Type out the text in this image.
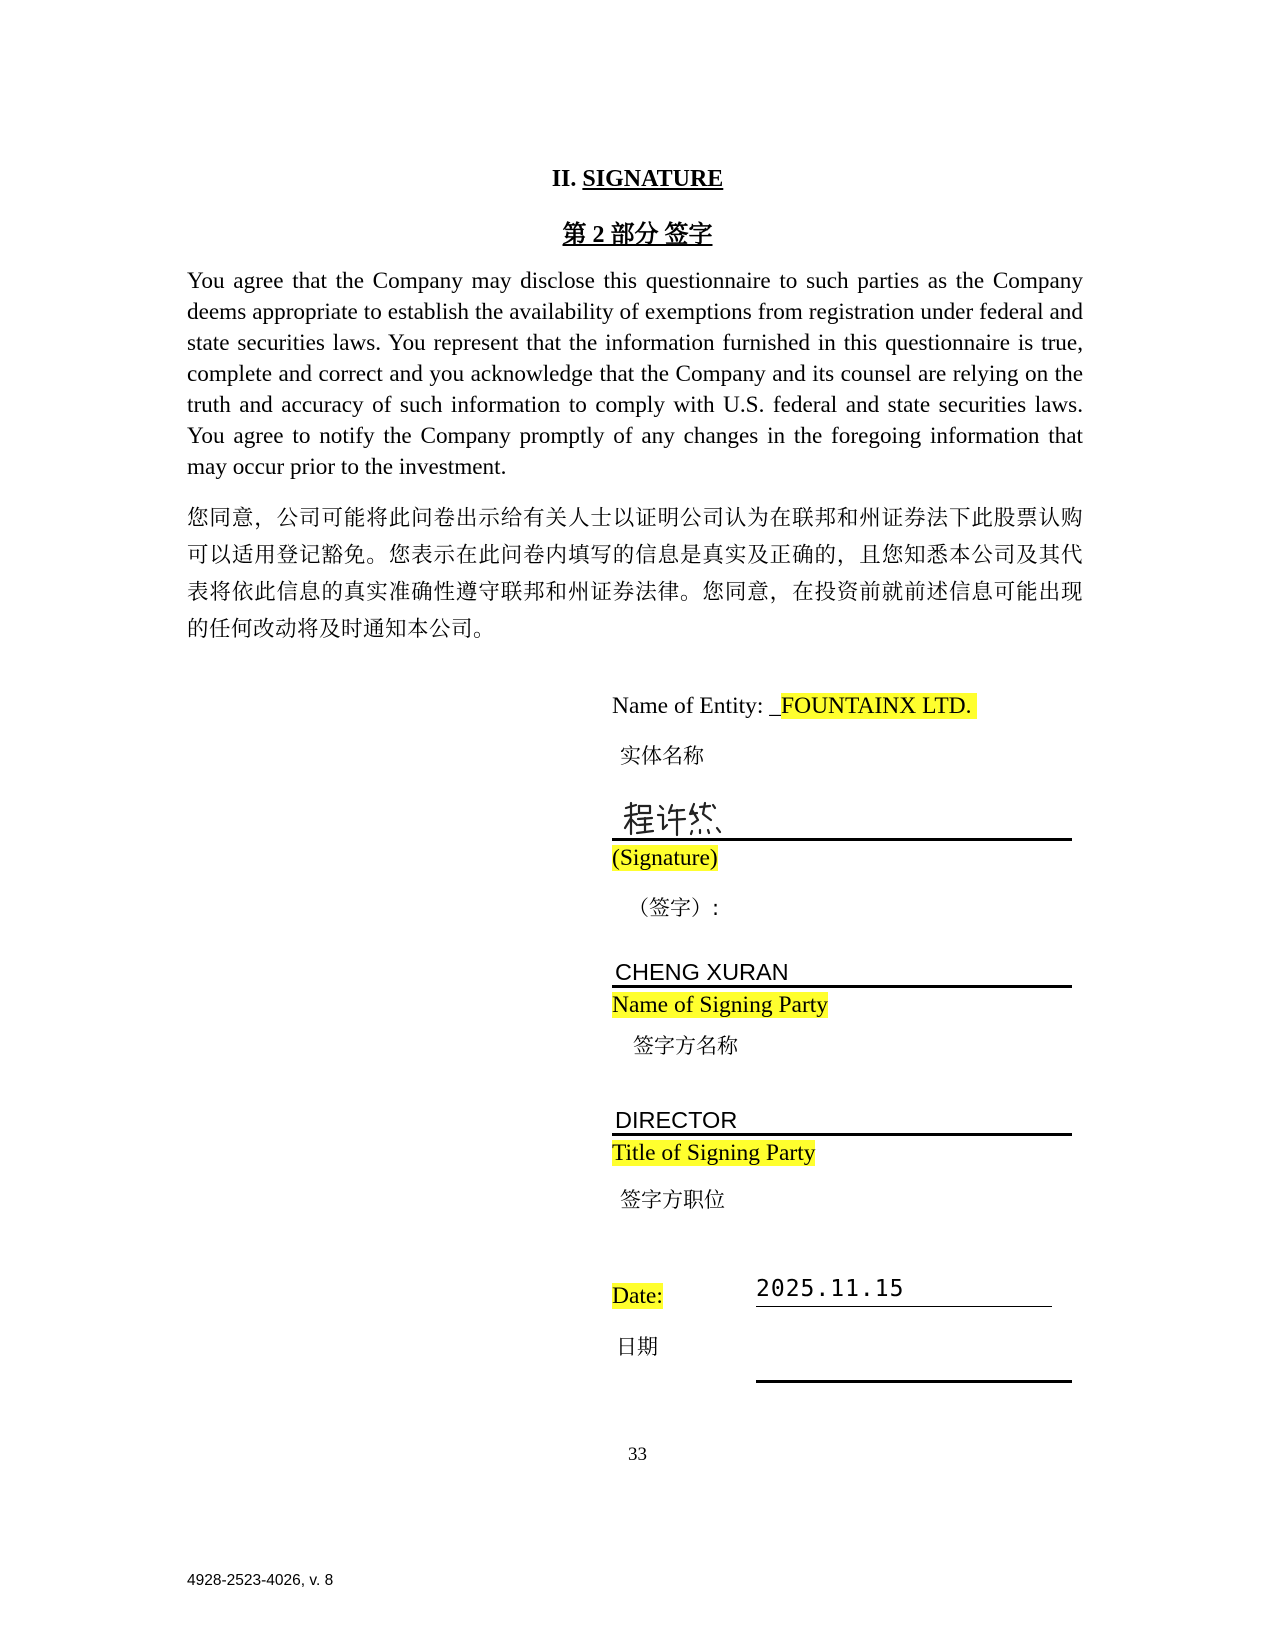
II. SIGNATURE
第 2 部分 签字
You agree that the Company may disclose this questionnaire to such parties as the Company deems appropriate to establish the availability of exemptions from registration under federal and state securities laws. You represent that the information furnished in this questionnaire is true, complete and correct and you acknowledge that the Company and its counsel are relying on the truth and accuracy of such information to comply with U.S. federal and state securities laws. You agree to notify the Company promptly of any changes in the foregoing information that may occur prior to the investment.
您同意，公司可能将此问卷出示给有关人士以证明公司认为在联邦和州证券法下此股票认购可以适用登记豁免。您表示在此问卷内填写的信息是真实及正确的，且您知悉本公司及其代表将依此信息的真实准确性遵守联邦和州证券法律。您同意，在投资前就前述信息可能出现的任何改动将及时通知本公司。
Name of Entity: _FOUNTAINX LTD.
实体名称
(Signature)
（签字）:
CHENG XURAN
Name of Signing Party
签字方名称
DIRECTOR
Title of Signing Party
签字方职位
Date:	2025.11.15
日期
33
4928-2523-4026, v. 8
